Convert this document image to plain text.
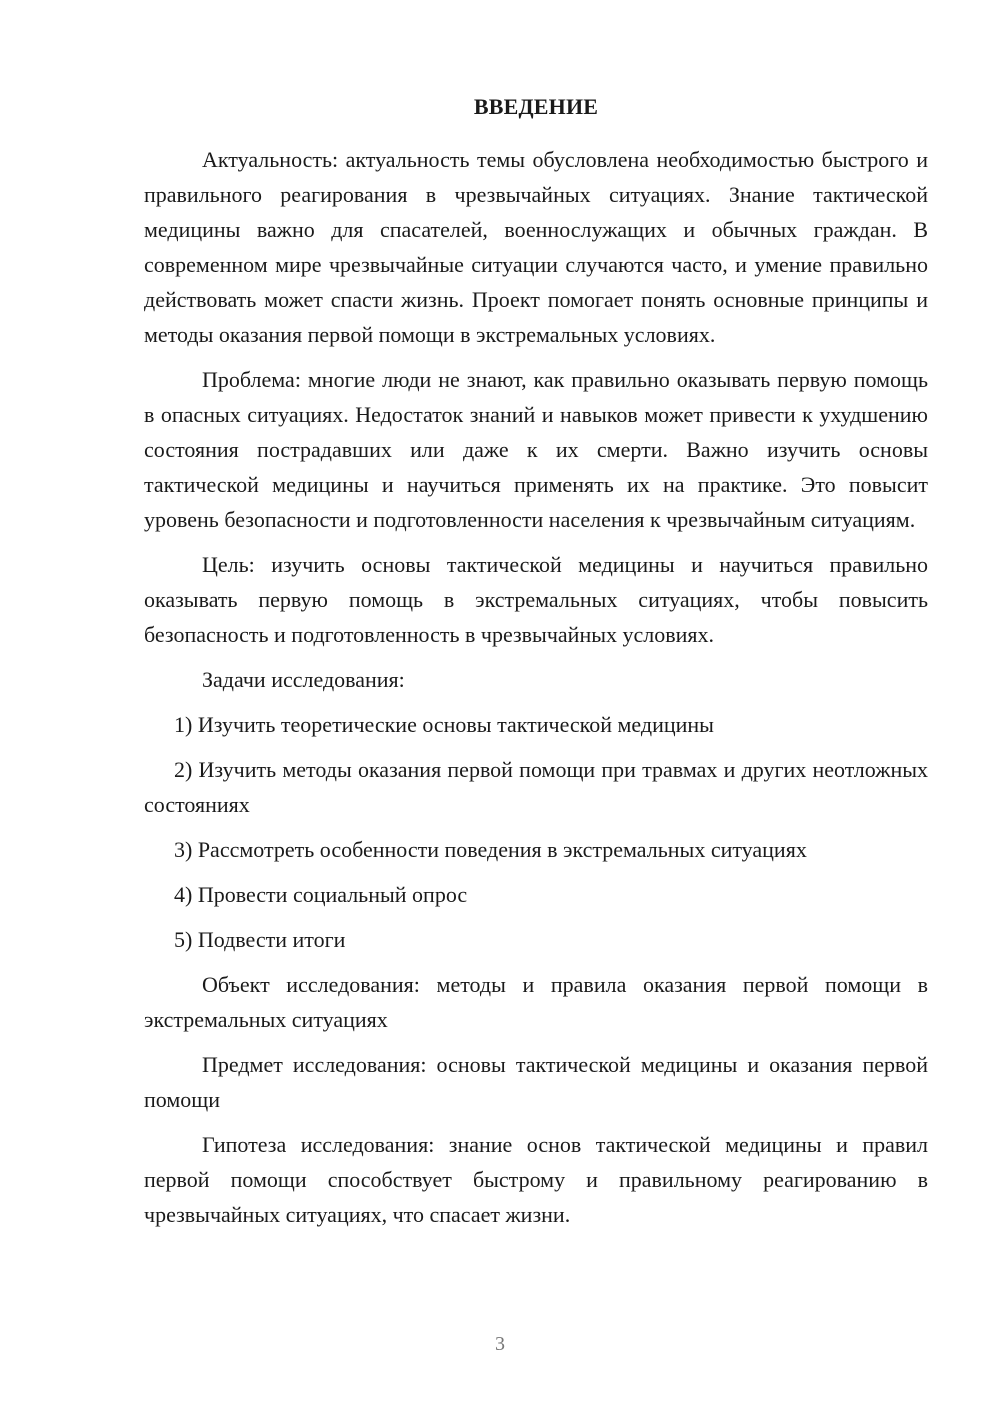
ВВЕДЕНИЕ

Актуальность: актуальность темы обусловлена необходимостью быстрого и правильного реагирования в чрезвычайных ситуациях. Знание тактической медицины важно для спасателей, военнослужащих и обычных граждан. В современном мире чрезвычайные ситуации случаются часто, и умение правильно действовать может спасти жизнь. Проект помогает понять основные принципы и методы оказания первой помощи в экстремальных условиях.

Проблема: многие люди не знают, как правильно оказывать первую помощь в опасных ситуациях. Недостаток знаний и навыков может привести к ухудшению состояния пострадавших или даже к их смерти. Важно изучить основы тактической медицины и научиться применять их на практике. Это повысит уровень безопасности и подготовленности населения к чрезвычайным ситуациям.

Цель: изучить основы тактической медицины и научиться правильно оказывать первую помощь в экстремальных ситуациях, чтобы повысить безопасность и подготовленность в чрезвычайных условиях.

Задачи исследования:

1) Изучить теоретические основы тактической медицины

2) Изучить методы оказания первой помощи при травмах и других неотложных состояниях

3) Рассмотреть особенности поведения в экстремальных ситуациях

4) Провести социальный опрос

5) Подвести итоги

Объект исследования: методы и правила оказания первой помощи в экстремальных ситуациях

Предмет исследования: основы тактической медицины и оказания первой помощи

Гипотеза исследования: знание основ тактической медицины и правил первой помощи способствует быстрому и правильному реагированию в чрезвычайных ситуациях, что спасает жизни.

3
